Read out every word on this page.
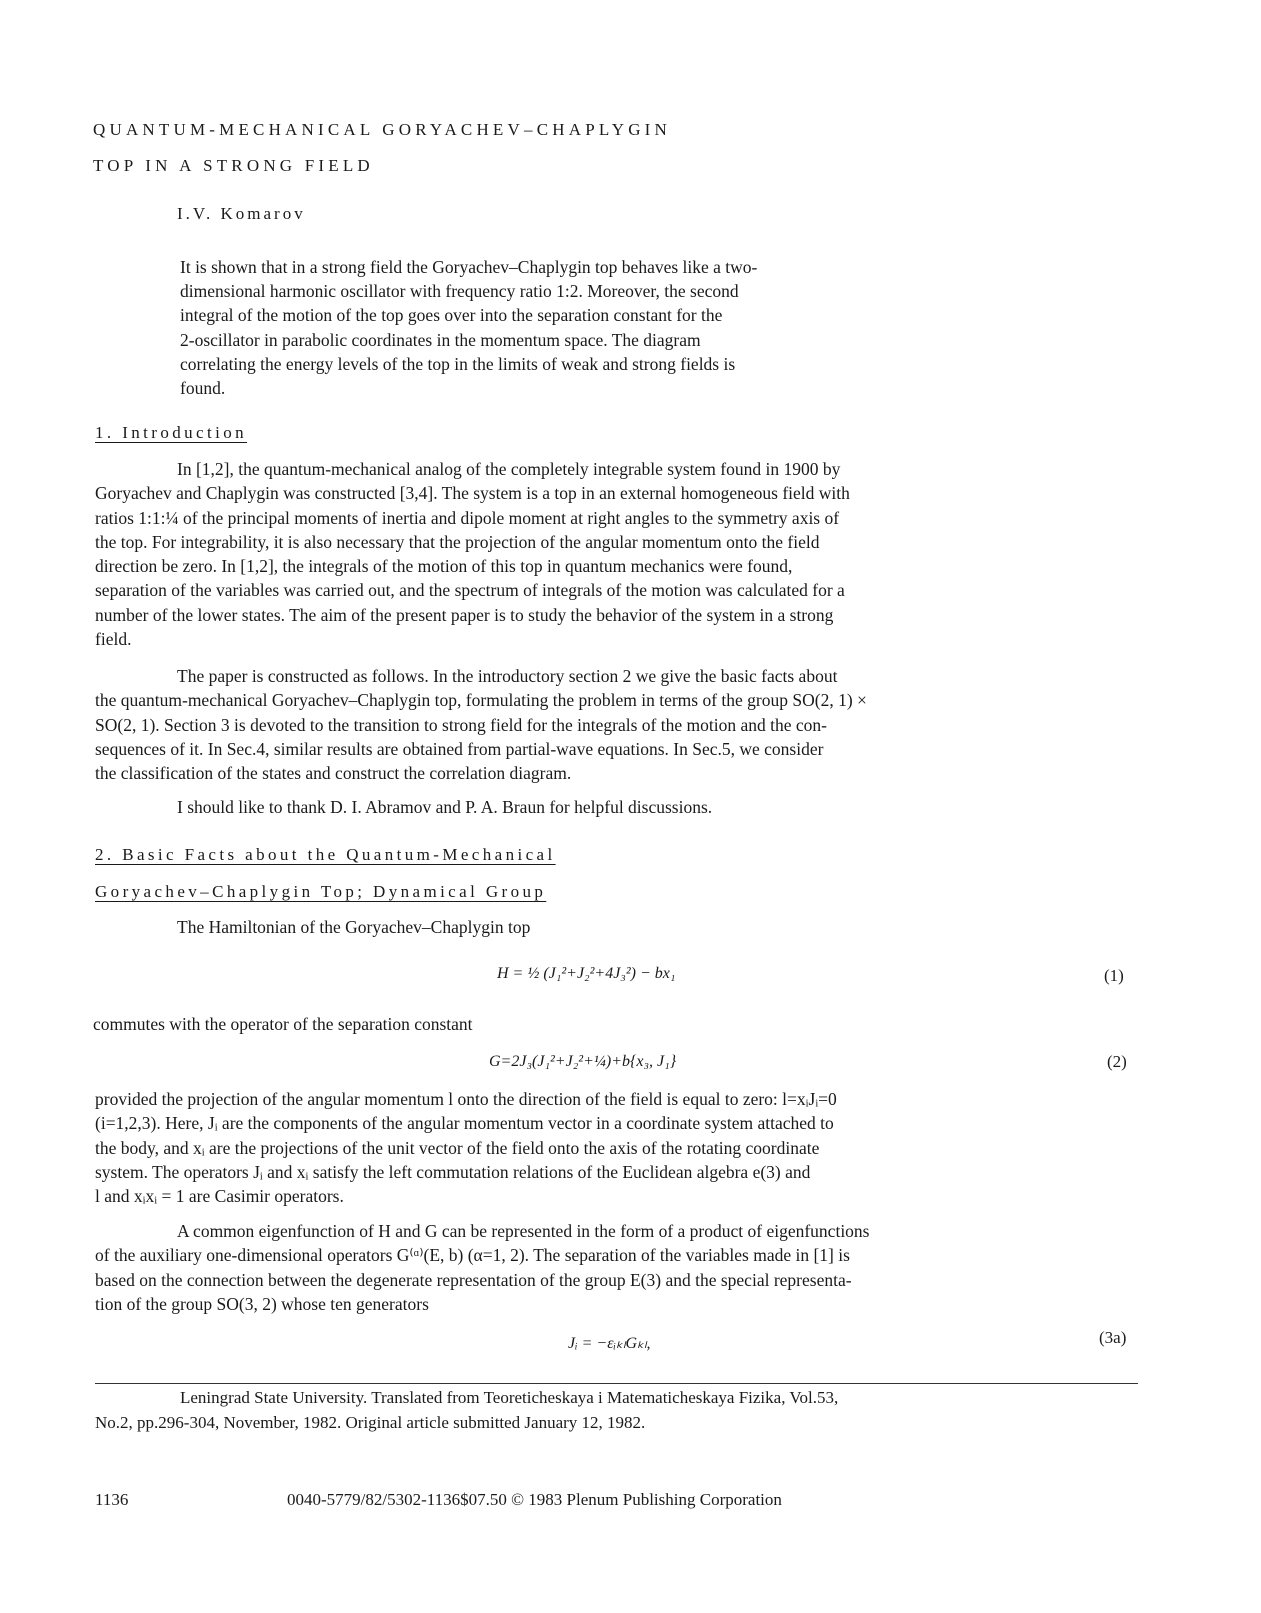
QUANTUM-MECHANICAL GORYACHEV–CHAPLYGIN
TOP IN A STRONG FIELD
I.V. Komarov
It is shown that in a strong field the Goryachev–Chaplygin top behaves like a two-
dimensional harmonic oscillator with frequency ratio 1:2. Moreover, the second
integral of the motion of the top goes over into the separation constant for the
2-oscillator in parabolic coordinates in the momentum space. The diagram
correlating the energy levels of the top in the limits of weak and strong fields is
found.
1. Introduction
In [1,2], the quantum-mechanical analog of the completely integrable system found in 1900 by
Goryachev and Chaplygin was constructed [3,4]. The system is a top in an external homogeneous field with
ratios 1:1:¼ of the principal moments of inertia and dipole moment at right angles to the symmetry axis of
the top. For integrability, it is also necessary that the projection of the angular momentum onto the field
direction be zero. In [1,2], the integrals of the motion of this top in quantum mechanics were found,
separation of the variables was carried out, and the spectrum of integrals of the motion was calculated for a
number of the lower states. The aim of the present paper is to study the behavior of the system in a strong
field.
The paper is constructed as follows. In the introductory section 2 we give the basic facts about
the quantum-mechanical Goryachev–Chaplygin top, formulating the problem in terms of the group SO(2, 1) ×
SO(2, 1). Section 3 is devoted to the transition to strong field for the integrals of the motion and the con-
sequences of it. In Sec.4, similar results are obtained from partial-wave equations. In Sec.5, we consider
the classification of the states and construct the correlation diagram.
I should like to thank D. I. Abramov and P. A. Braun for helpful discussions.
2. Basic Facts about the Quantum-Mechanical
Goryachev–Chaplygin Top; Dynamical Group
The Hamiltonian of the Goryachev–Chaplygin top
H = ½ (J₁²+J₂²+4J₃²) − bx₁	(1)
commutes with the operator of the separation constant
G=2J₃(J₁²+J₂²+¼)+b{x₃, J₁}	(2)
provided the projection of the angular momentum l onto the direction of the field is equal to zero: l=xᵢJᵢ=0
(i=1,2,3). Here, Jᵢ are the components of the angular momentum vector in a coordinate system attached to
the body, and xᵢ are the projections of the unit vector of the field onto the axis of the rotating coordinate
system. The operators Jᵢ and xᵢ satisfy the left commutation relations of the Euclidean algebra e(3) and
l and xᵢxᵢ = 1 are Casimir operators.
A common eigenfunction of H and G can be represented in the form of a product of eigenfunctions
of the auxiliary one-dimensional operators G⁽ᵅ⁾(E, b) (α=1, 2). The separation of the variables made in [1] is
based on the connection between the degenerate representation of the group E(3) and the special representa-
tion of the group SO(3, 2) whose ten generators
Jᵢ = −εᵢₖₗGₖₗ,	(3a)
Leningrad State University. Translated from Teoreticheskaya i Matematicheskaya Fizika, Vol.53,
No.2, pp.296-304, November, 1982. Original article submitted January 12, 1982.
1136	0040-5779/82/5302-1136$07.50 © 1983 Plenum Publishing Corporation
